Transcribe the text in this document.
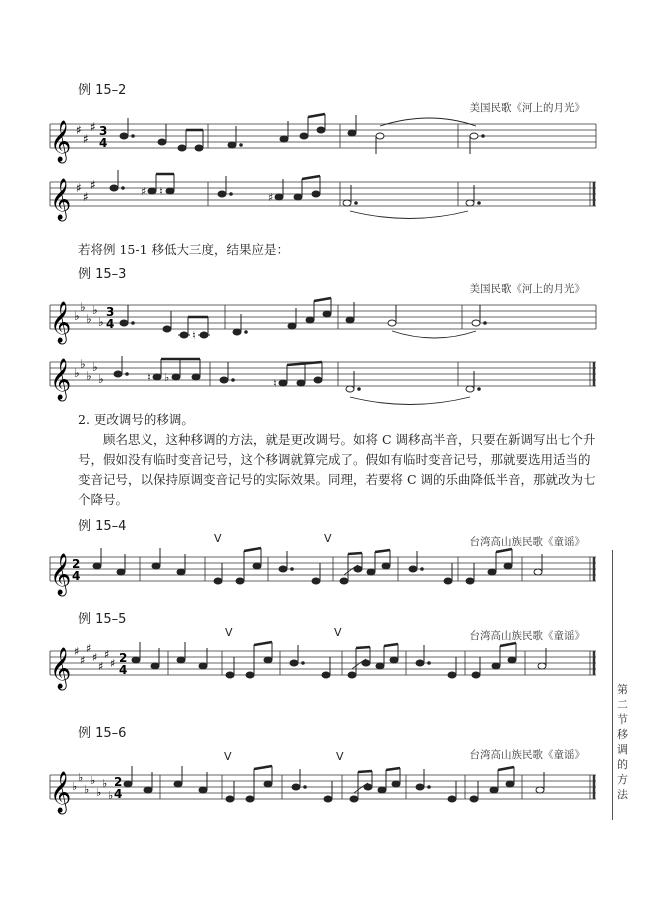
例 15–2
美国民歌《河上的月光》
𝄞 ♯
♯
♯ 3
4
𝄞 ♯
♯
♯	♯ ♮	♯
若将例 15-1 移低大三度，结果应是：
例 15–3
美国民歌《河上的月光》
𝄞 ♭
♭
♭
♭
♭
3
4
♮
𝄞 ♭
♭
♭
♭
♭	♮ ♭	♮
2. 更改调号的移调。

顾名思义，这种移调的方法，就是更改调号。如将 C 调移高半音，只要在新调写出七个升号，假如没有临时变音记号，这个移调就算完成了。假如有临时变音记号，那就要选用适当的变音记号，以保持原调变音记号的实际效果。同理，若要将 C 调的乐曲降低半音，那就改为七个降号。

例 15–4
台湾高山族民歌《童谣》
𝄞 2
4
V	V
例 15–5
台湾高山族民歌《童谣》
𝄞 ♯
♯
♯
♯
♯
♯
♯ 2
4
V	V
例 15–6
台湾高山族民歌《童谣》
𝄞 ♭
♭
♭
♭
♭
♭
♭
2
4
V	V
第二节 移调的方法
